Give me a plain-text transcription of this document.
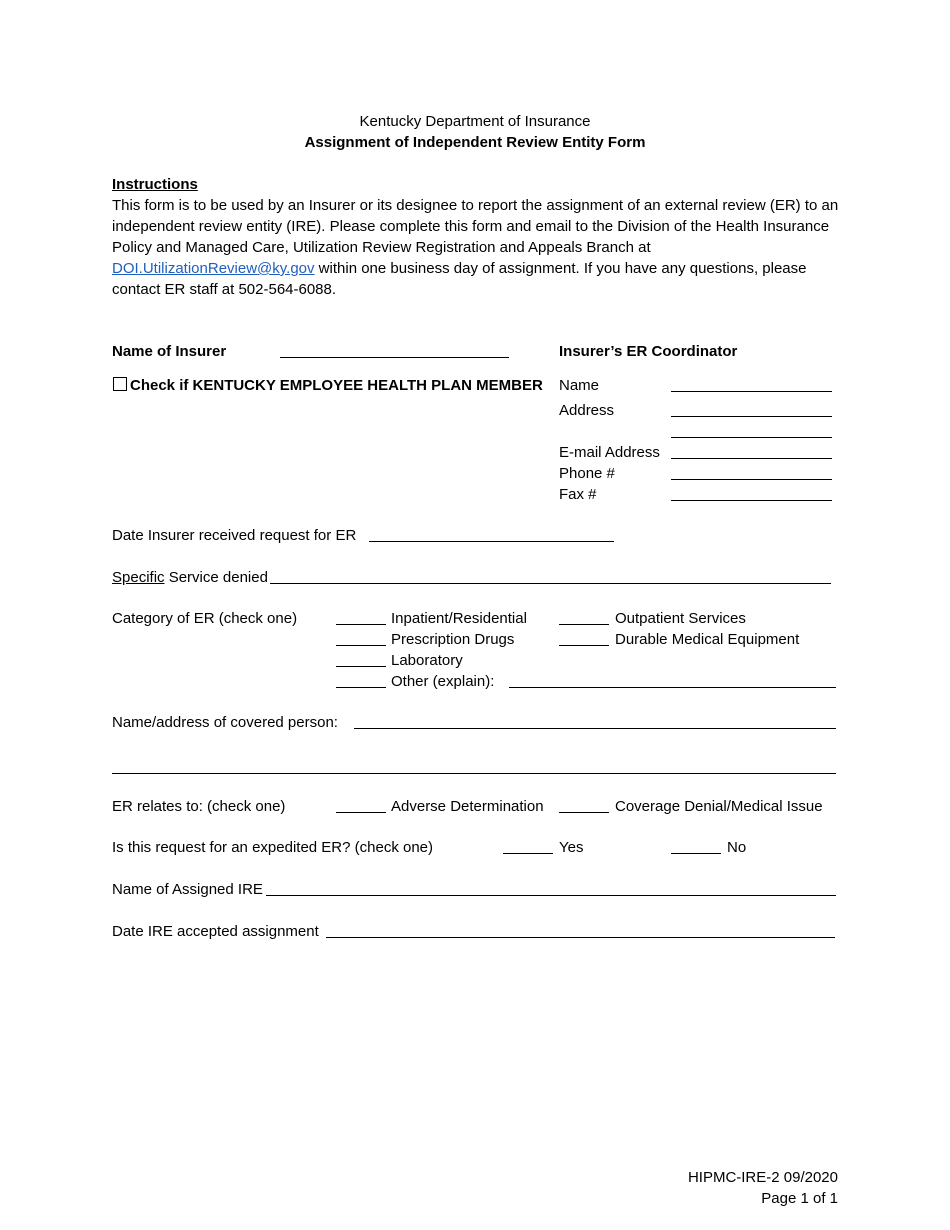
Kentucky Department of Insurance
Assignment of Independent Review Entity Form
Instructions
This form is to be used by an Insurer or its designee to report the assignment of an external review (ER) to an independent review entity (IRE). Please complete this form and email to the Division of the Health Insurance Policy and Managed Care, Utilization Review Registration and Appeals Branch at DOI.UtilizationReview@ky.gov within one business day of assignment. If you have any questions, please contact ER staff at 502-564-6088.
Name of Insurer
Check if KENTUCKY EMPLOYEE HEALTH PLAN MEMBER
Insurer’s ER Coordinator
Name
Address
E-mail Address
Phone #
Fax #
Date Insurer received request for ER
Specific Service denied
Category of ER (check one)	Inpatient/Residential	Outpatient Services
Prescription Drugs	Durable Medical Equipment
Laboratory
Other (explain):
Name/address of covered person:
ER relates to: (check one)	Adverse Determination	Coverage Denial/Medical Issue
Is this request for an expedited ER? (check one)	Yes	No
Name of Assigned IRE
Date IRE accepted assignment
HIPMC-IRE-2 09/2020
Page 1 of 1
